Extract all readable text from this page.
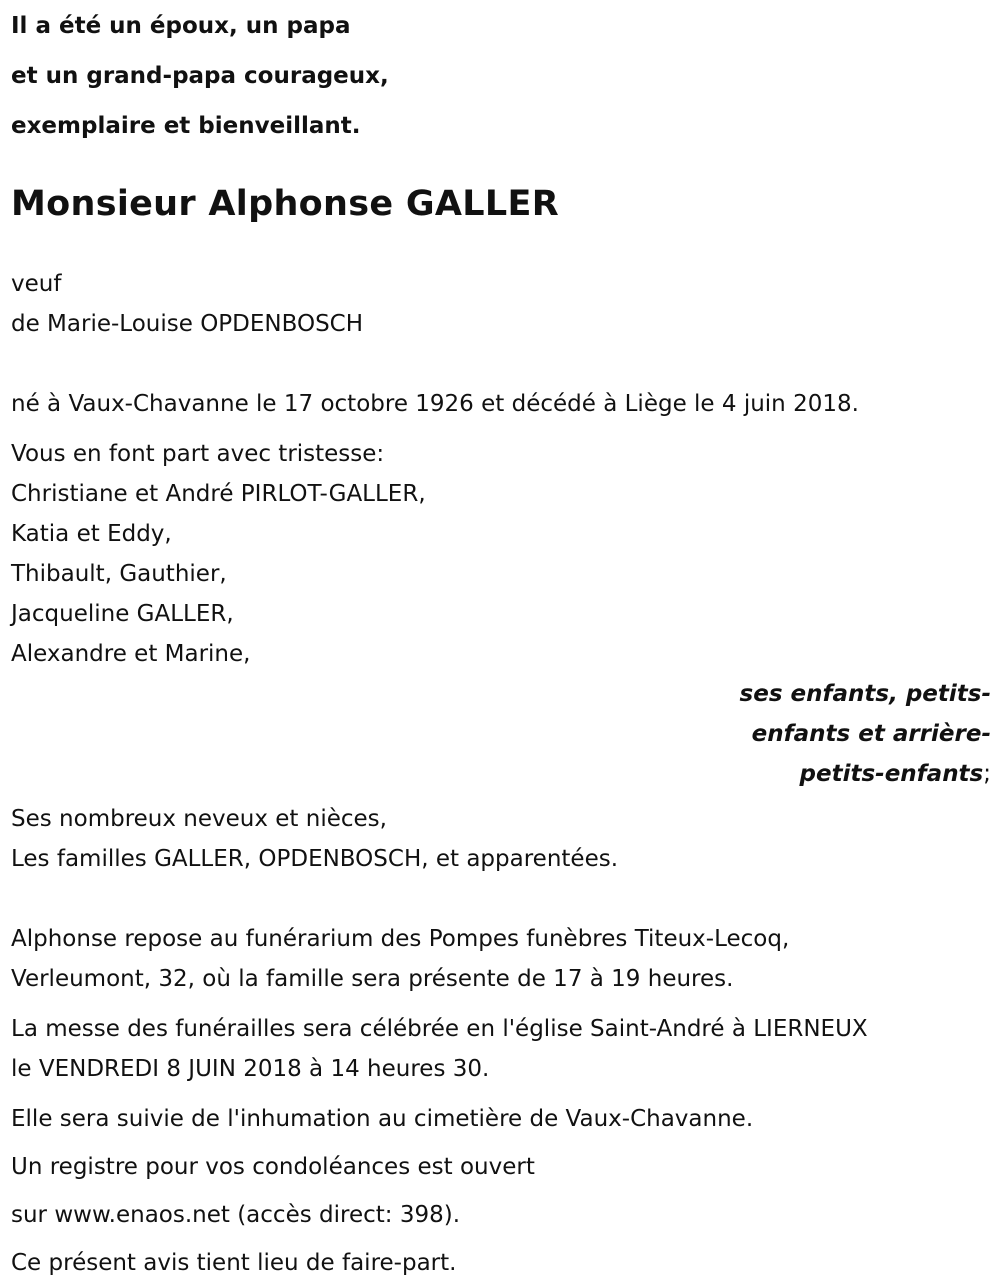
Il a été un époux, un papa

et un grand-papa courageux,

exemplaire et bienveillant.

Monsieur Alphonse GALLER

veuf

de Marie-Louise OPDENBOSCH

né à Vaux-Chavanne le 17 octobre 1926 et décédé à Liège le 4 juin 2018.

Vous en font part avec tristesse:

Christiane et André PIRLOT-GALLER,

Katia et Eddy,

Thibault, Gauthier,

Jacqueline GALLER,

Alexandre et Marine,

ses enfants, petits-

enfants et arrière-

petits-enfants;

Ses nombreux neveux et nièces,

Les familles GALLER, OPDENBOSCH, et apparentées.

Alphonse repose au funérarium des Pompes funèbres Titeux-Lecoq,

Verleumont, 32, où la famille sera présente de 17 à 19 heures.

La messe des funérailles sera célébrée en l'église Saint-André à LIERNEUX

le VENDREDI 8 JUIN 2018 à 14 heures 30.

Elle sera suivie de l'inhumation au cimetière de Vaux-Chavanne.

Un registre pour vos condoléances est ouvert

sur www.enaos.net (accès direct: 398).

Ce présent avis tient lieu de faire-part.
